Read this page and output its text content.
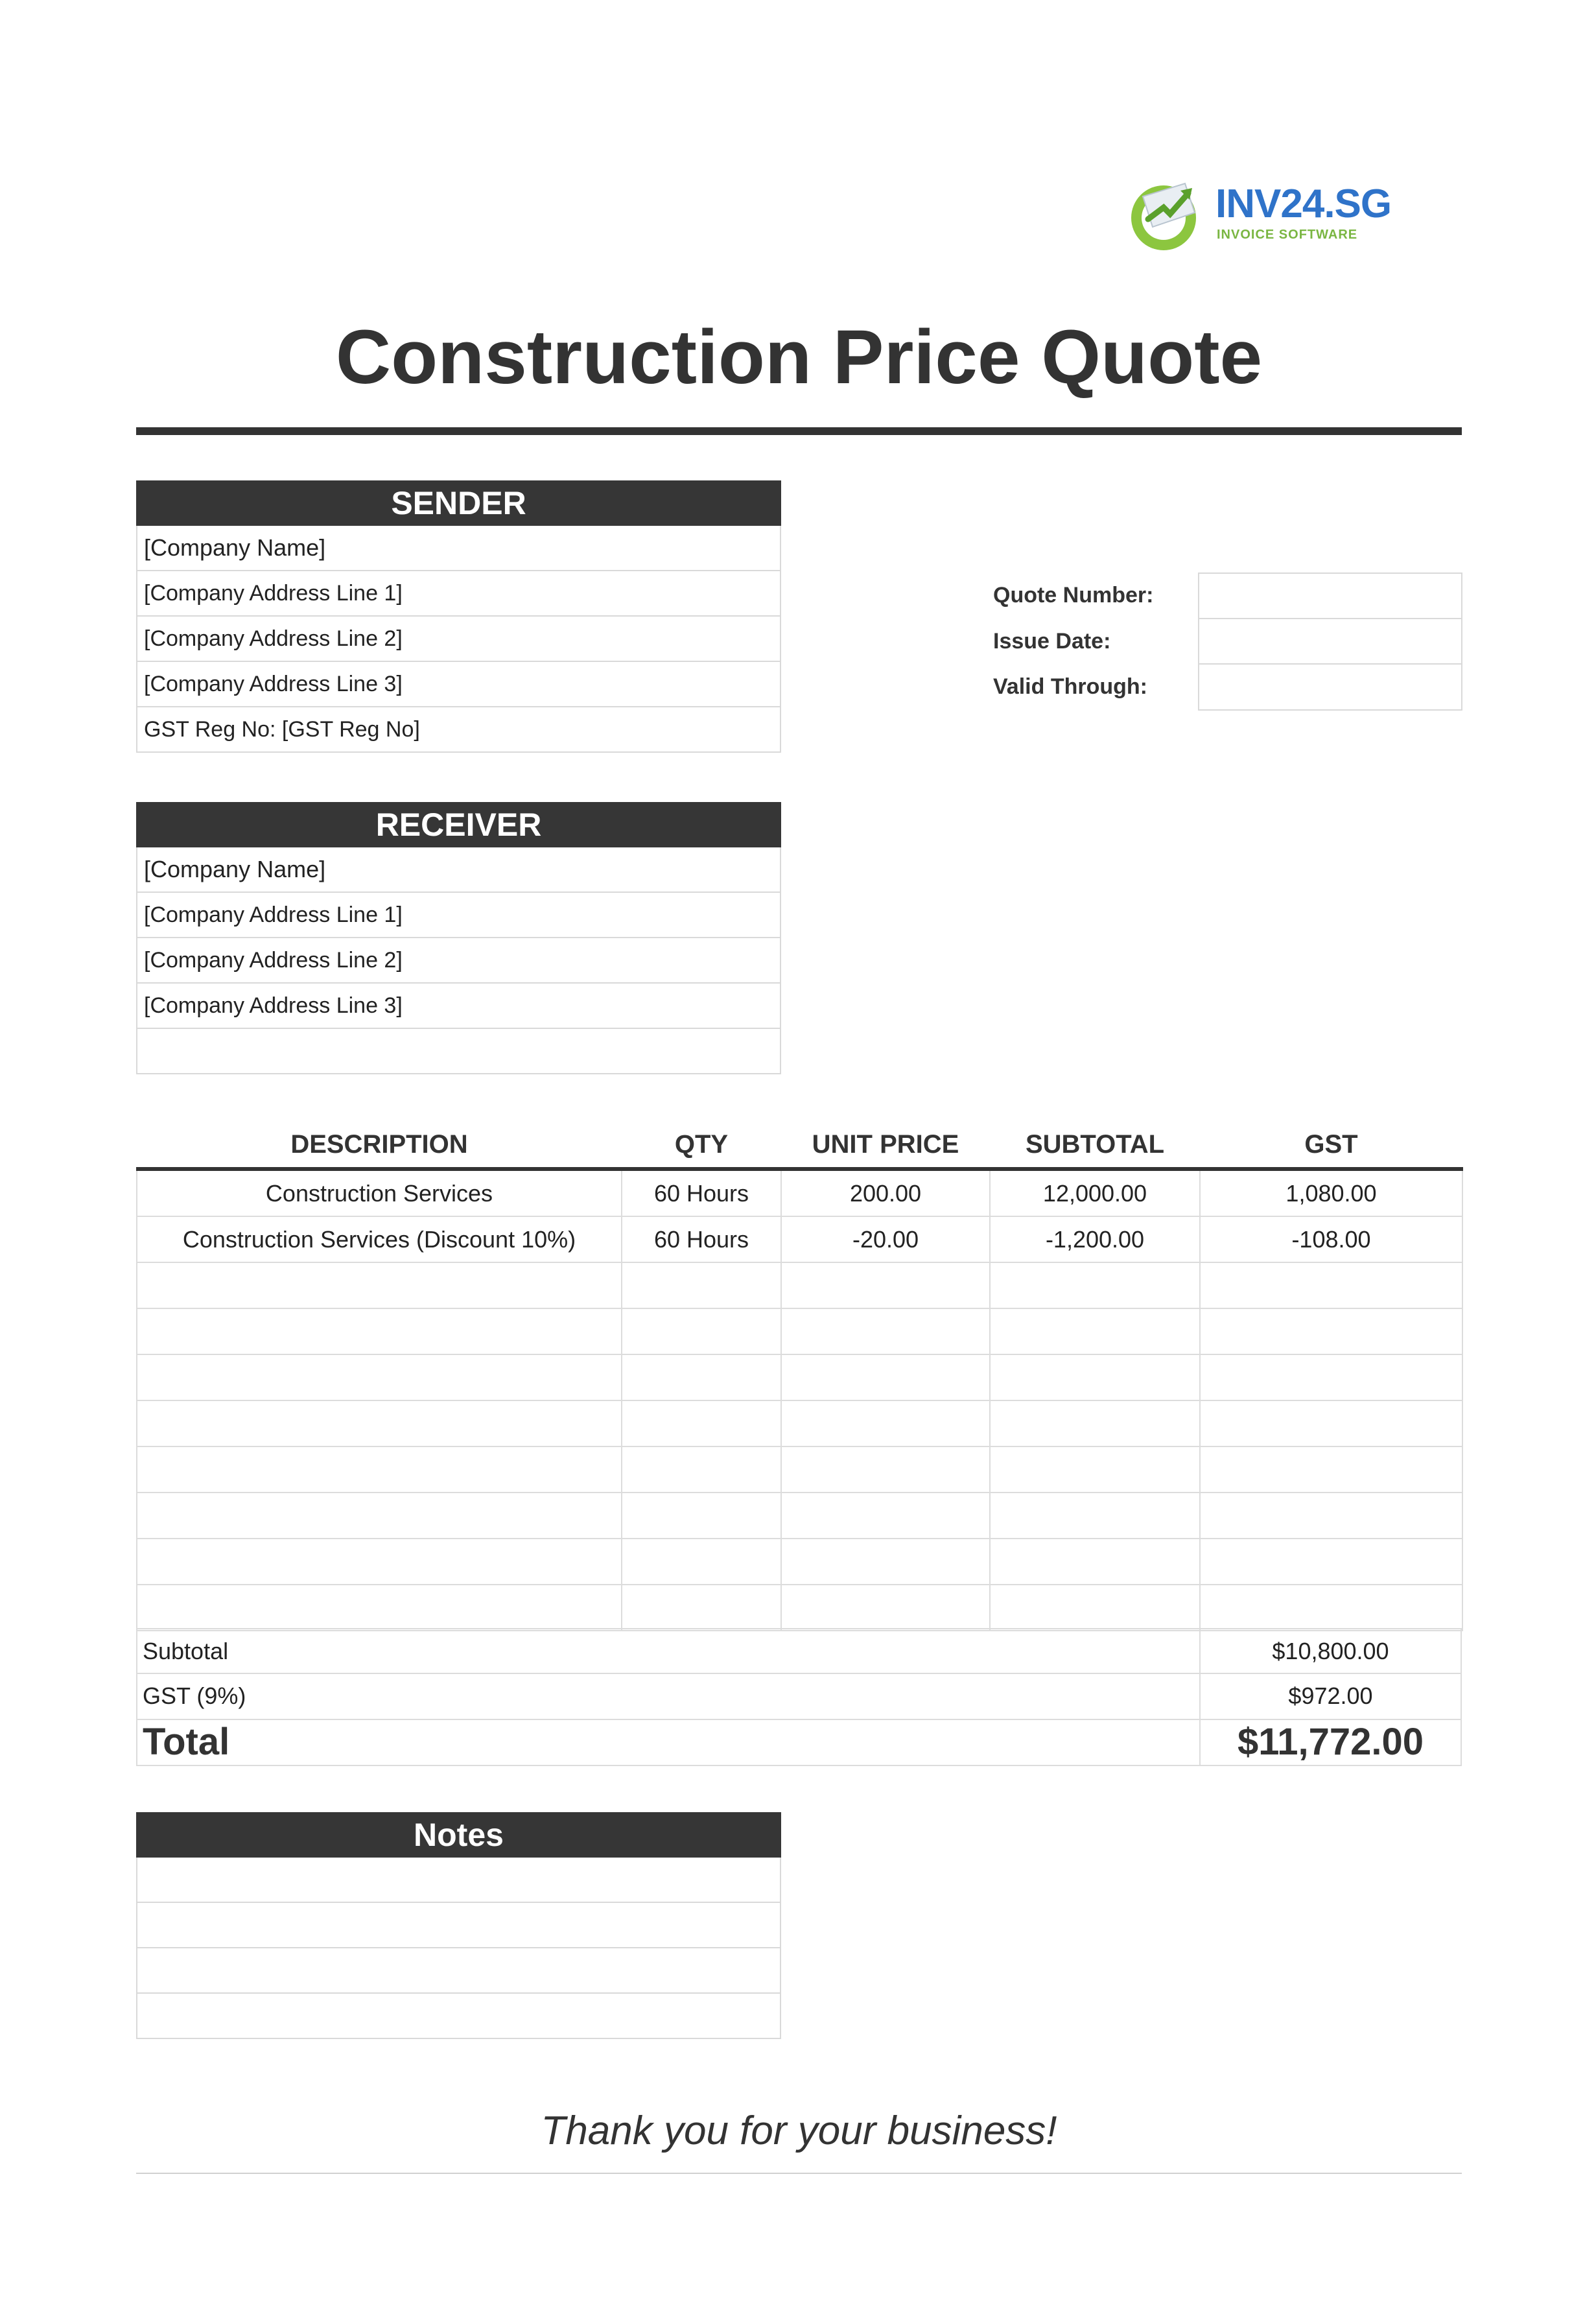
INV24.SG
INVOICE SOFTWARE
Construction Price Quote
SENDER
[Company Name]
[Company Address Line 1]
[Company Address Line 2]
[Company Address Line 3]
GST Reg No: [GST Reg No]
Quote Number:
Issue Date:
Valid Through:
RECEIVER
[Company Name]
[Company Address Line 1]
[Company Address Line 2]
[Company Address Line 3]
DESCRIPTION	QTY	UNIT PRICE	SUBTOTAL	GST
Construction Services	60 Hours	200.00	12,000.00	1,080.00
Construction Services (Discount 10%)	60 Hours	-20.00	-1,200.00	-108.00

Subtotal	$10,800.00
GST (9%)	$972.00
Total	$11,772.00
Notes
Thank you for your business!
